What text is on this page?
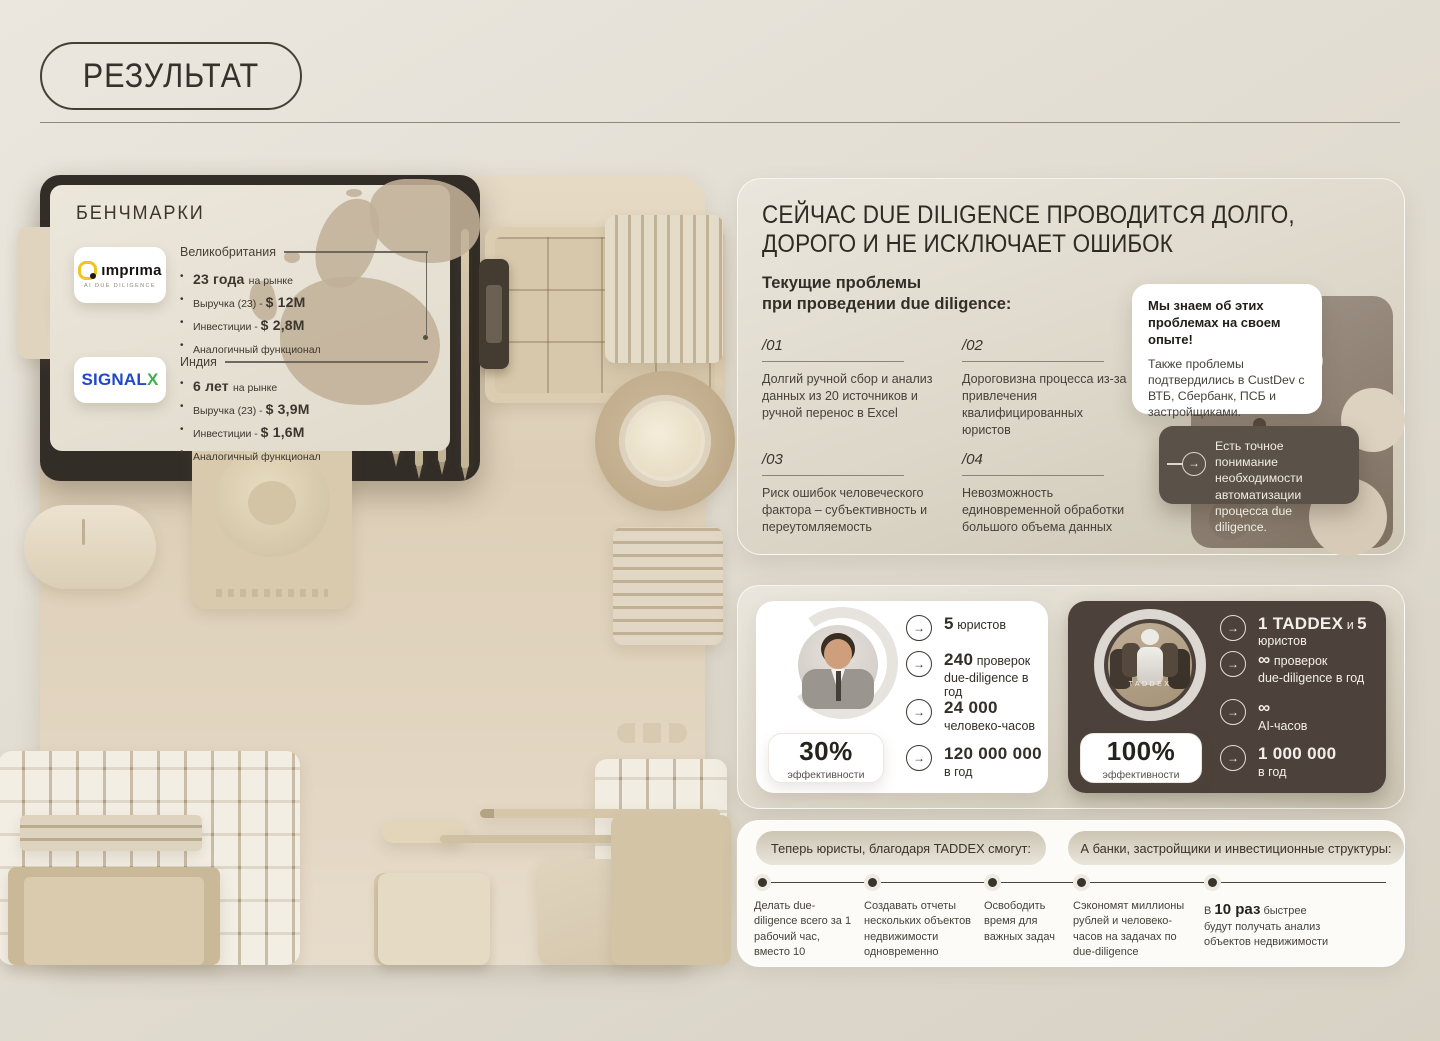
РЕЗУЛЬТАТ
БЕНЧМАРКИ
ımprıma
AI DUE DILIGENCE
Великобритания
• 23 года на рынке
• Выручка (23) - $ 12M
• Инвестиции - $ 2,8M
• Аналогичный функционал
SIGNALX
Индия
• 6 лет на рынке
• Выручка (23) - $ 3,9M
• Инвестиции - $ 1,6M
• Аналогичный функционал
СЕЙЧАС DUE DILIGENCE ПРОВОДИТСЯ ДОЛГО,
ДОРОГО И НЕ ИСКЛЮЧАЕТ ОШИБОК
Текущие проблемы
при проведении due diligence:
/01
Долгий ручной сбор и анализ данных из 20 источников и ручной перенос в Excel
/02
Дороговизна процесса из-за привлечения квалифицированных юристов
/03
Риск ошибок человеческого фактора – субъективность и переутомляемость
/04
Невозможность единовременной обработки большого объема данных
Мы знаем об этих проблемах на своем опыте!
Также проблемы подтвердились в CustDev с ВТБ, Сбербанк, ПСБ и застройщиками.
→
Есть точное понимание необходимости автоматизации процесса due diligence.
30%
эффективности
→	5 юристов
→	240 проверок
due-diligence в год
→	24 000
человеко-часов
→	120 000 000
в год
TADDEX
100%
эффективности
→	1 TADDEX и 5 юристов
→	∞ проверок
due-diligence в год
→	∞
AI-часов
→	1 000 000
в год
Теперь юристы, благодаря TADDEX смогут:	А банки, застройщики и инвестиционные структуры:
Делать due-diligence всего за 1 рабочий час, вместо 10
Создавать отчеты нескольких объектов недвижимости одновременно
Освободить время для важных задач
Сэкономят миллионы рублей и человеко-часов на задачах по due-diligence
В 10 раз быстрее
будут получать анализ объектов недвижимости
